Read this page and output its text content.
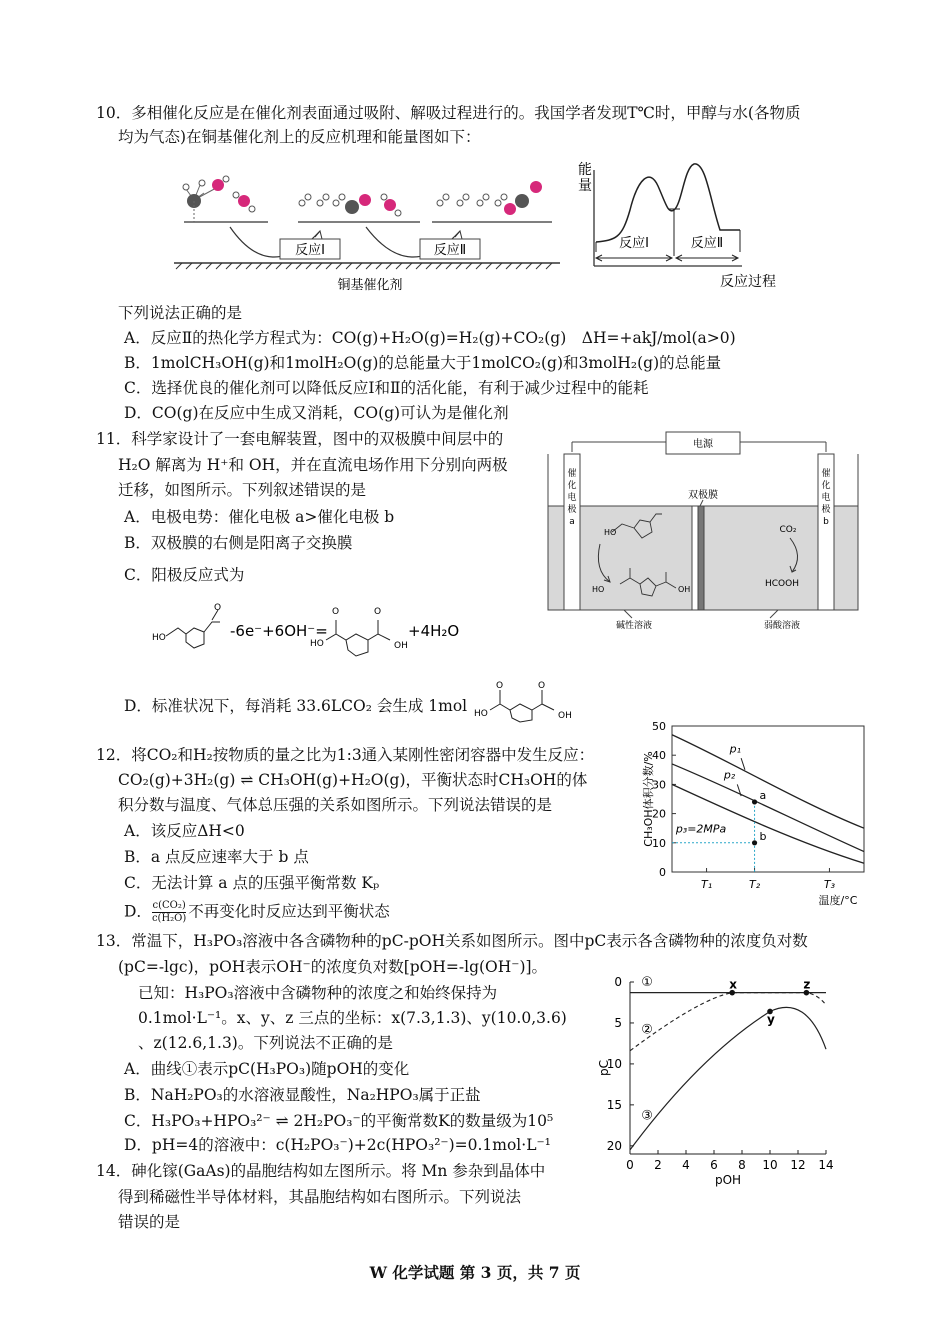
10．多相催化反应是在催化剂表面通过吸附、解吸过程进行的。我国学者发现T℃时，甲醇与水(各物质
均为气态)在铜基催化剂上的反应机理和能量图如下：
反应Ⅰ	反应Ⅱ
铜基催化剂
能
量
反应Ⅰ	反应Ⅱ
反应过程
下列说法正确的是
A．反应Ⅱ的热化学方程式为：CO(g)+H₂O(g)=H₂(g)+CO₂(g)　ΔH=+akJ/mol(a>0)
B．1molCH₃OH(g)和1molH₂O(g)的总能量大于1molCO₂(g)和3molH₂(g)的总能量
C．选择优良的催化剂可以降低反应Ⅰ和Ⅱ的活化能，有利于减少过程中的能耗
D．CO(g)在反应中生成又消耗，CO(g)可认为是催化剂
11．科学家设计了一套电解装置，图中的双极膜中间层中的
H₂O 解离为 H⁺和 OH，并在直流电场作用下分别向两极
迁移，如图所示。下列叙述错误的是
A．电极电势：催化电极 a>催化电极 b
B．双极膜的右侧是阳离子交换膜
C．阳极反应式为
电源
双极膜
催
化
电
极
a
催
化
电
极
b
HO
HO	OH
CO₂
HCOOH
碱性溶液	弱酸溶液
HO
O
-6e⁻+6OH⁻=
HO
O	O
OH
+4H₂O
D．标准状况下，每消耗 33.6LCO₂ 会生成 1mol HO
O	O
OH
12．将CO₂和H₂按物质的量之比为1:3通入某刚性密闭容器中发生反应：
CO₂(g)+3H₂(g) ⇌ CH₃OH(g)+H₂O(g)，平衡状态时CH₃OH的体
积分数与温度、气体总压强的关系如图所示。下列说法错误的是
A．该反应ΔH<0
B．a 点反应速率大于 b 点
C．无法计算 a 点的压强平衡常数 Kₚ
D． $\frac{\text{c(CO₂)}}{\text{c(H₂O)}}$ 不再变化时反应达到平衡状态
0
10
20
30
40
50
T₁	T₂	T₃
温度/°C
CH₃OH体积分数/%
p₁
p₂
p₃=2MPa
a
b
13．常温下，H₃PO₃溶液中各含磷物种的pC-pOH关系如图所示。图中pC表示各含磷物种的浓度负对数
(pC=-lgc)，pOH表示OH⁻的浓度负对数[pOH=-lg(OH⁻)]。
已知：H₃PO₃溶液中含磷物种的浓度之和始终保持为
0.1mol·L⁻¹。x、y、z 三点的坐标：x(7.3,1.3)、y(10.0,3.6)
、z(12.6,1.3)。下列说法不正确的是
A．曲线①表示pC(H₃PO₃)随pOH的变化
B．NaH₂PO₃的水溶液显酸性，Na₂HPO₃属于正盐
C．H₃PO₃+HPO₃²⁻ ⇌ 2H₂PO₃⁻的平衡常数K的数量级为10⁵
D．pH=4的溶液中：c(H₂PO₃⁻)+2c(HPO₃²⁻)=0.1mol·L⁻¹
0 2 4 6 8 10 12 14
0
5
10
15
20
pOH
pC
①
②
③
x
y
z
14．砷化镓(GaAs)的晶胞结构如左图所示。将 Mn 参杂到晶体中
得到稀磁性半导体材料，其晶胞结构如右图所示。下列说法
错误的是
W 化学试题 第 3 页，共 7 页
